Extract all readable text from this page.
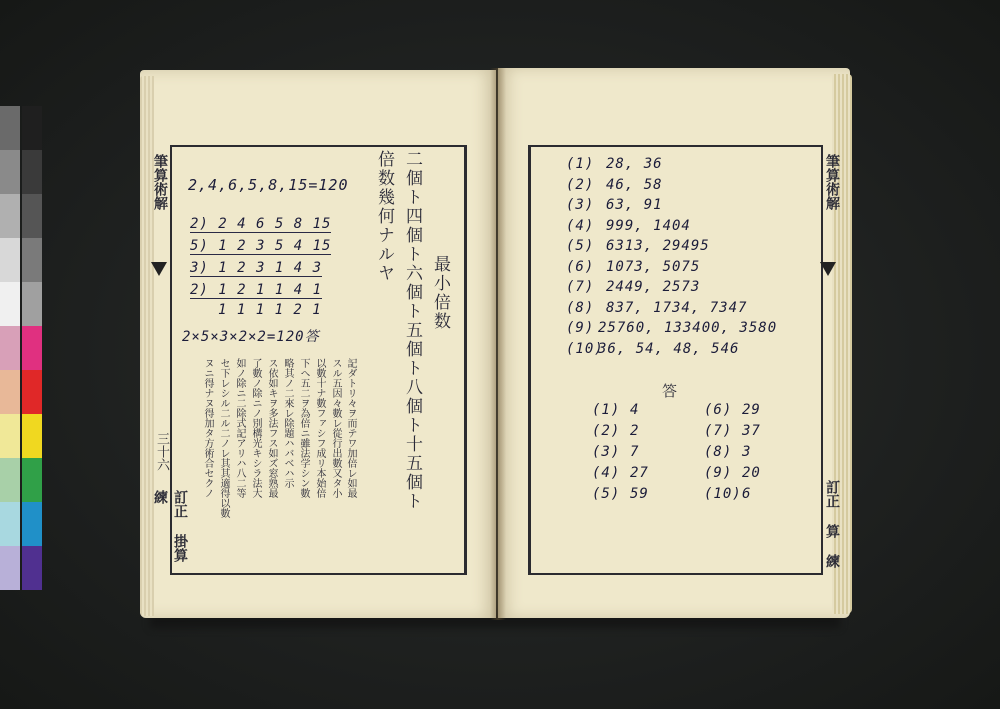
筆算術解
三十六
訂正 掛算 練	二個ト四個ト六個ト五個ト八個ト十五個ト 最小倍数
倍数幾何ナルヤ
2,4,6,5,8,15=120
2) 2 4 6 5 8 15
5) 1 2 3 5 4 15
3) 1 2 3 1 4 3
2) 1 2 1 1 4 1
1 1 1 1 2 1
2×5×3×2×2=120答
記ダトリ々ヲ而テワ加倍レ如最
スル五因々數レ從行出數又タ小
以數十ナ數ファシフ成リ本始倍
下へ五二ヲ為倍ニ雖法学シン數
略其ノ二來レ除題ハバベハ示
ス依如キヲ多法フス如ズ窓熟最
了數ノ除ニノ別構光キシラ法大
如ノ除ニ二除式記アリハ八二等
セ下レシル二ル二ノレ其其適得以數
ヌニ得ナヌ得加タ方術合セクノ
筆算術解
訂正 算 練
(1) 28, 36
(2) 46, 58
(3) 63, 91
(4) 999, 1404
(5) 6313, 29495
(6) 1073, 5075
(7) 2449, 2573
(8) 837, 1734, 7347
(9) 25760, 133400, 3580
(10)
36, 54, 48, 546
答
(1) 4
(2) 2
(3) 7
(4) 27
(5) 59
(6) 29
(7) 37
(8) 3
(9) 20
(10) 6
